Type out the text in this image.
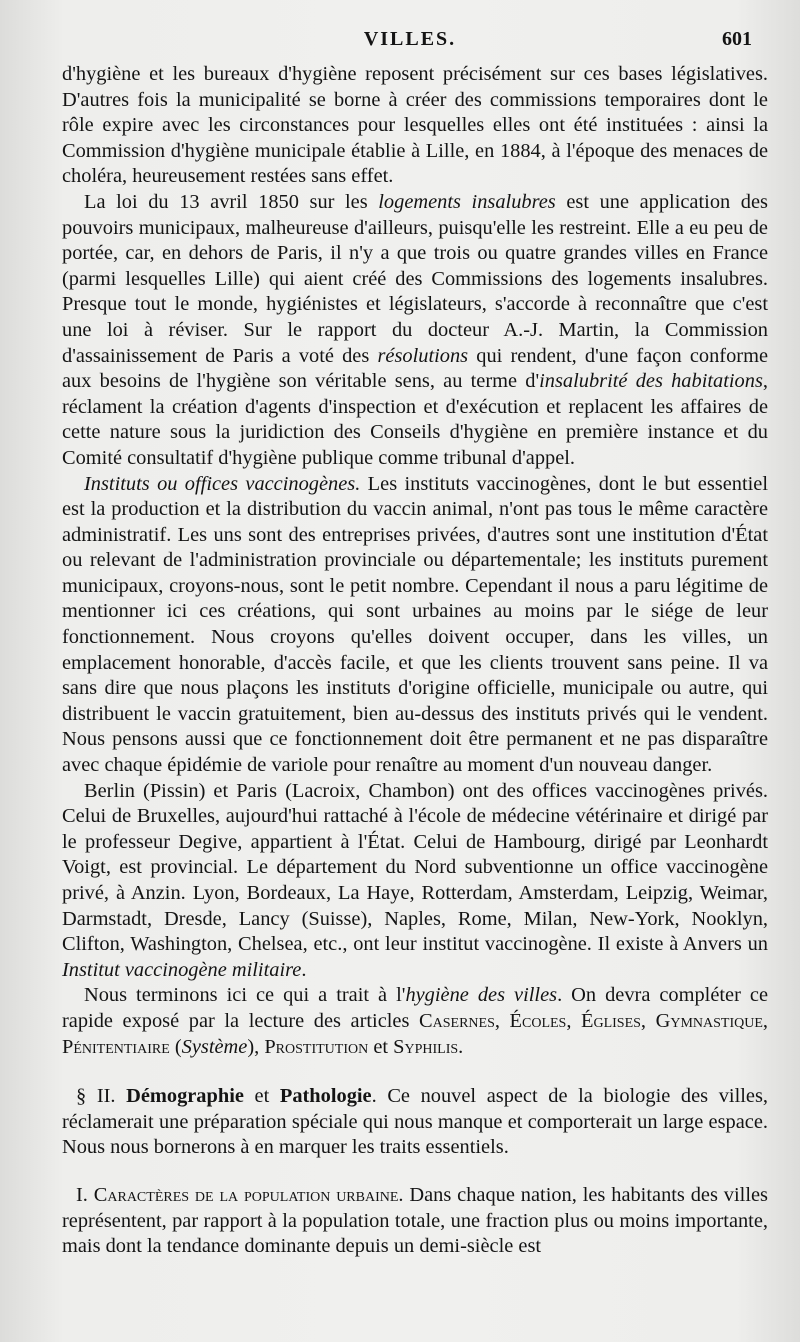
VILLES.	601

d'hygiène et les bureaux d'hygiène reposent précisément sur ces bases législatives. D'autres fois la municipalité se borne à créer des commissions temporaires dont le rôle expire avec les circonstances pour lesquelles elles ont été instituées : ainsi la Commission d'hygiène municipale établie à Lille, en 1884, à l'époque des menaces de choléra, heureusement restées sans effet.

La loi du 13 avril 1850 sur les logements insalubres est une application des pouvoirs municipaux, malheureuse d'ailleurs, puisqu'elle les restreint. Elle a eu peu de portée, car, en dehors de Paris, il n'y a que trois ou quatre grandes villes en France (parmi lesquelles Lille) qui aient créé des Commissions des logements insalubres. Presque tout le monde, hygiénistes et législateurs, s'accorde à reconnaître que c'est une loi à réviser. Sur le rapport du docteur A.-J. Martin, la Commission d'assainissement de Paris a voté des résolutions qui rendent, d'une façon conforme aux besoins de l'hygiène son véritable sens, au terme d'insalubrité des habitations, réclament la création d'agents d'inspection et d'exécution et replacent les affaires de cette nature sous la juridiction des Conseils d'hygiène en première instance et du Comité consultatif d'hygiène publique comme tribunal d'appel.

Instituts ou offices vaccinogènes. Les instituts vaccinogènes, dont le but essentiel est la production et la distribution du vaccin animal, n'ont pas tous le même caractère administratif. Les uns sont des entreprises privées, d'autres sont une institution d'État ou relevant de l'administration provinciale ou départementale; les instituts purement municipaux, croyons-nous, sont le petit nombre. Cependant il nous a paru légitime de mentionner ici ces créations, qui sont urbaines au moins par le siége de leur fonctionnement. Nous croyons qu'elles doivent occuper, dans les villes, un emplacement honorable, d'accès facile, et que les clients trouvent sans peine. Il va sans dire que nous plaçons les instituts d'origine officielle, municipale ou autre, qui distribuent le vaccin gratuitement, bien au-dessus des instituts privés qui le vendent. Nous pensons aussi que ce fonctionnement doit être permanent et ne pas disparaître avec chaque épidémie de variole pour renaître au moment d'un nouveau danger.

Berlin (Pissin) et Paris (Lacroix, Chambon) ont des offices vaccinogènes privés. Celui de Bruxelles, aujourd'hui rattaché à l'école de médecine vétérinaire et dirigé par le professeur Degive, appartient à l'État. Celui de Hambourg, dirigé par Leonhardt Voigt, est provincial. Le département du Nord subventionne un office vaccinogène privé, à Anzin. Lyon, Bordeaux, La Haye, Rotterdam, Amsterdam, Leipzig, Weimar, Darmstadt, Dresde, Lancy (Suisse), Naples, Rome, Milan, New-York, Nooklyn, Clifton, Washington, Chelsea, etc., ont leur institut vaccinogène. Il existe à Anvers un Institut vaccinogène militaire.

Nous terminons ici ce qui a trait à l'hygiène des villes. On devra compléter ce rapide exposé par la lecture des articles Casernes, Écoles, Églises, Gymnastique, Pénitentiaire (Système), Prostitution et Syphilis.

§ II. Démographie et Pathologie. Ce nouvel aspect de la biologie des villes, réclamerait une préparation spéciale qui nous manque et comporterait un large espace. Nous nous bornerons à en marquer les traits essentiels.

I. Caractères de la population urbaine. Dans chaque nation, les habitants des villes représentent, par rapport à la population totale, une fraction plus ou moins importante, mais dont la tendance dominante depuis un demi-siècle est
